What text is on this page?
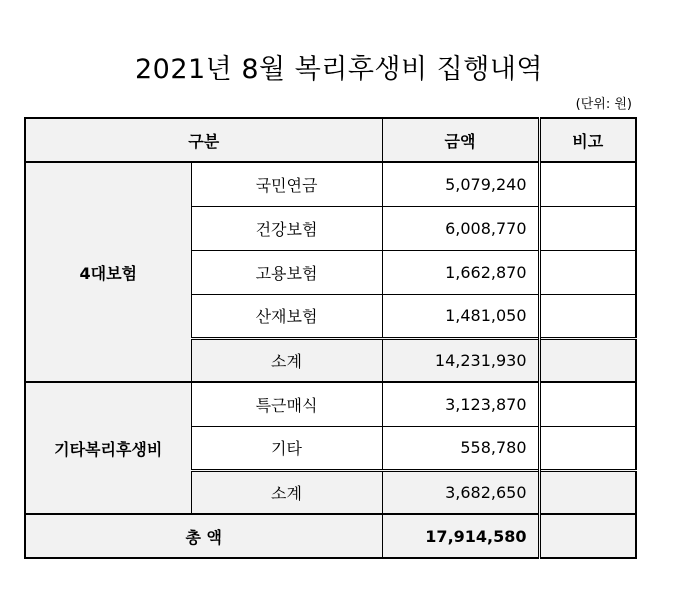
2021년 8월 복리후생비 집행내역
(단위: 원)
구분		금액	비고
4대보험	국민연금	5,079,240	
	건강보험	6,008,770	
	고용보험	1,662,870	
	산재보험	1,481,050	
	소계	14,231,930	
기타복리후생비	특근매식	3,123,870	
	기타	558,780	
	소계	3,682,650	
총 액		17,914,580	
